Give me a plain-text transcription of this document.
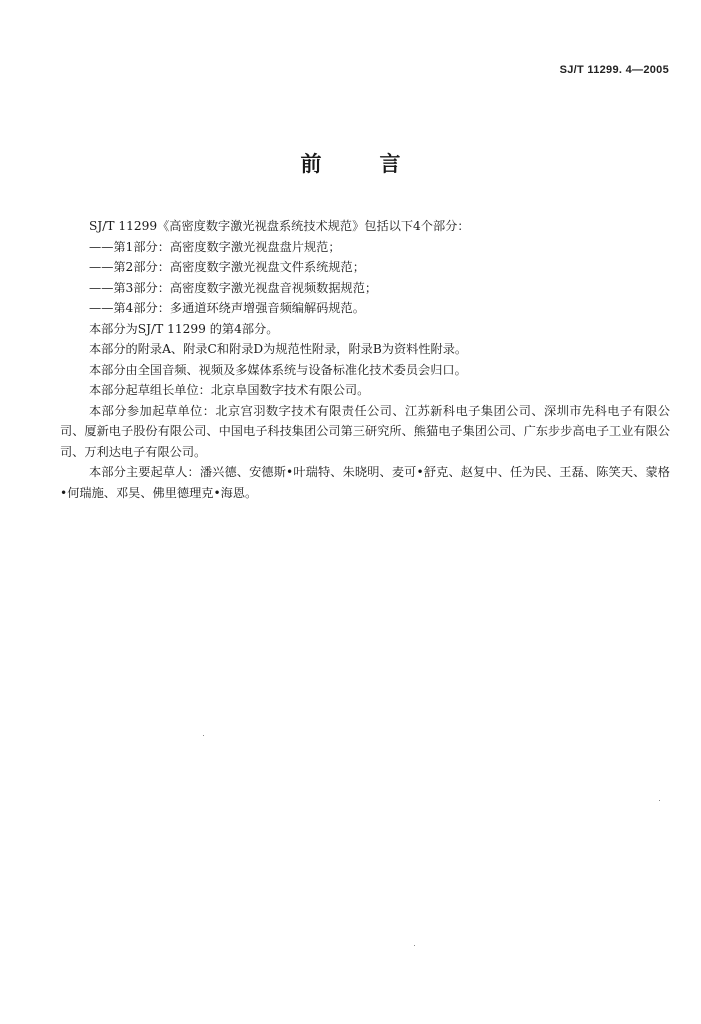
SJ/T 11299. 4—2005
前	言

SJ/T 11299《高密度数字激光视盘系统技术规范》包括以下4个部分：

——第1部分：高密度数字激光视盘盘片规范；

——第2部分：高密度数字激光视盘文件系统规范；

——第3部分：高密度数字激光视盘音视频数据规范；

——第4部分：多通道环绕声增强音频编解码规范。

本部分为SJ/T 11299 的第4部分。

本部分的附录A、附录C和附录D为规范性附录，附录B为资料性附录。

本部分由全国音频、视频及多媒体系统与设备标准化技术委员会归口。

本部分起草组长单位：北京阜国数字技术有限公司。

本部分参加起草单位：北京宫羽数字技术有限责任公司、江苏新科电子集团公司、深圳市先科电子有限公司、厦新电子股份有限公司、中国电子科技集团公司第三研究所、熊猫电子集团公司、广东步步高电子工业有限公司、万利达电子有限公司。

本部分主要起草人：潘兴德、安德斯•叶瑞特、朱晓明、麦可•舒克、赵复中、任为民、王磊、陈笑天、蒙格•何瑞施、邓昊、佛里德理克•海恩。
